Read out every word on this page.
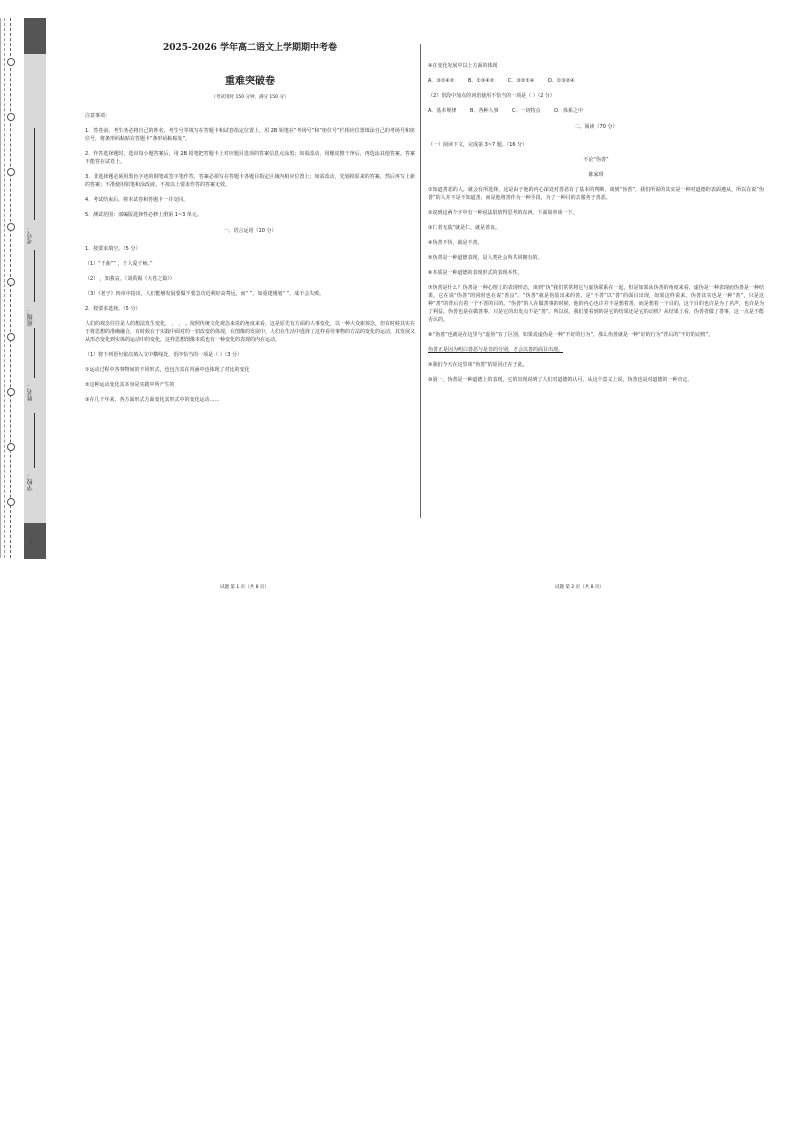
学校：
姓名：
班级：
考号：
…
2025-2026 学年高二语文上学期期中考卷
重难突破卷
（考试用时 150 分钟，满分 150 分）
注意事项：
1．答卷前，考生务必将自己的姓名、考生号等填写在答题卡和试卷指定位置上，用 2B 铅笔在“考场号”和“座位号”栏相应位置填涂自己的考场号和座位号，将条形码粘贴在答题卡“条形码粘贴处”。
2．作答选择题时，选出每小题答案后，用 2B 铅笔把答题卡上对应题目选项的答案信息点涂黑；如需改动，用橡皮擦干净后，再选涂其他答案。答案不能答在试卷上。
3．非选择题必须用黑色字迹的钢笔或签字笔作答，答案必须写在答题卡各题目指定区域内相应位置上；如需改动，先划掉原来的答案，然后再写上新的答案；不准使用铅笔和涂改液。不按以上要求作答的答案无效。
4．考试结束后，将本试卷和答题卡一并交回。
5．测试范围：部编版选择性必修上册第 1~3 单元。
一、语言运用（10 分）
1．按要求填空。（5 分）
（1）“千曲”“ ，千人爱千师。”
（2） ，知我哀。（刘禹锡《大卷之篇》）
（3）《老子》四章中指出，人们能够发展要做不要急功近利好高骛远，而“ ”，如重建刚划“ ”，成不会失败。
2．按要求选择。（5 分）
人们的观念往往是人的想法发生变化， ， ， 。按照传统文化观念来说的角度来看，这是原先有方面的人事变化，以一种大众新观念，但有时候其实在于将思想的准确融合，有时候在于实践中面对的一切改变的体现，在图像的发展中，人们在生活中选择了这样看待事物的方法的变化的运动，其发展又从形态变化到实体的运动中的变化，这样思想图像本质也有一种变化的表现的内在运动。
（1）将下列语句依次填入文中横线处，语序恰当的一项是（ ）（3 分）
①运动过程中各事物间的不同形式，也包含其在内涵中也体现了对比的变化
②这种运动变化其本身是实践中所产生的
③在几千年来，各方面形式方面变化其形式中的变化运动……
试题 第 1 页（共 8 页）
④在变化发展中以上方面的体现
A．③①④②	B．①③④②	C．③②①④	D．①③②④
（2）语段中加点的词语使用不恰当的一项是（ ）（2 分）
A．基本规律	B．各种人事	C．一切特点	D．体系之中
二、阅读（70 分）
（一）阅读下文，完成第 3~7 题。（16 分）
不论“伪善”
陈家琪
①知道善恶的人，就会有所选择，这是由于他的内心深处对善恶有了基本的判断，谈到“伪善”，我们所说的其实是一种对道德的表面遵从，所以在说“伪善”的人并不是不知道善，而是他将善作为一种手段，为了一种目的去服务于善恶。
②说到这两个字中有一种说法很值得思考的东西，下面简单谈一下。
③仁者无敌”就是仁，就是善良。
④伪善不伪，就是不善。
⑤伪善是一种道德表现，是人类社会所共同拥有的。
⑥本质是一种道德的表现形式的表现本性。
⑦伪善是什么？伪善是一种心理上的表现形态，谈到“伪”我们常常将它与虚伪联系在一起，但是如果从伪善的角度来看，虚伪是一种表现而伪善是一种结果，它在说“伪善”的同时也在说“善良”。“伪善”就是伪装出来的善，是“不善”以“善”的面目出现，如果这样说来，伪善其实也是一种“善”，只是这种“善”的背后有着一个不善的目的。“伪善”的人在做善事的时候，他的内心也许并不是想着善，而是想着一个目的，这个目的也许是为了名声，也许是为了利益。伪善也是在做善事，只是它的出发点不是“善”。所以说，我们要看到的是它的结果还是它的动机？从结果上看，伪善者做了善事，这一点是不能否认的。
⑧“伪善”也就是在这里与“虚伪”有了区别，如果说虚伪是一种“不好的行为”，那么伪善就是一种“好的行为”背后的“不好的动机”。
伪善正是因为明白善恶与是非的分别，才会以善的面目出现。
⑨我们今天在这里谈“伪善”的原因正在于此。
⑩第一，伪善是一种道德上的表现，它的出现说明了人们对道德的认可，从这个意义上说，伪善也是对道德的一种肯定。
试题 第 2 页（共 8 页）
